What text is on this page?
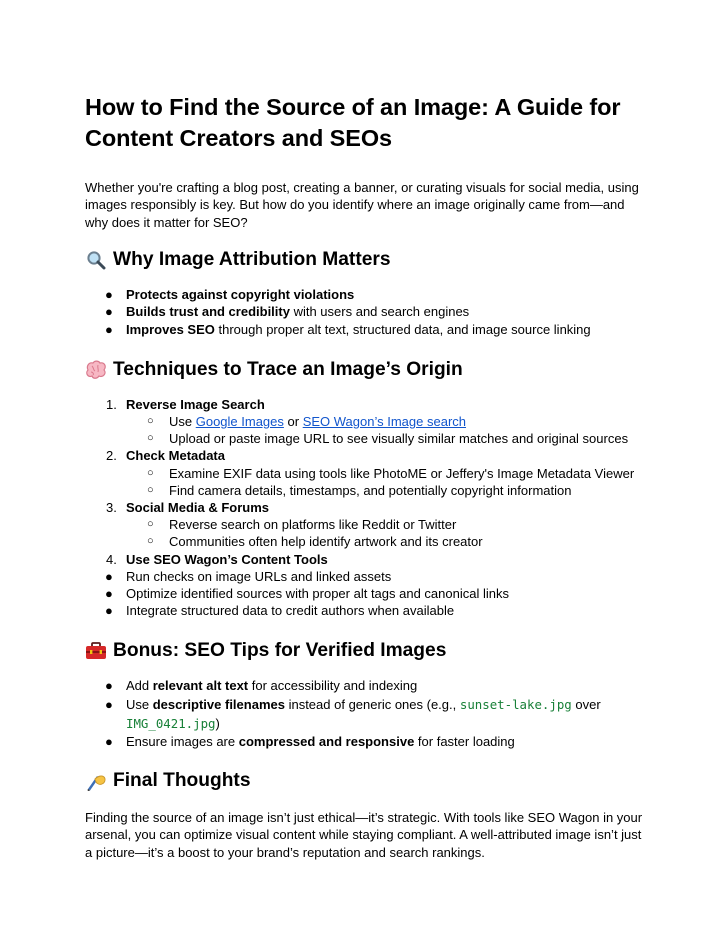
How to Find the Source of an Image: A Guide for Content Creators and SEOs

Whether you're crafting a blog post, creating a banner, or curating visuals for social media, using images responsibly is key. But how do you identify where an image originally came from—and why does it matter for SEO?

Why Image Attribution Matters
● Protects against copyright violations
● Builds trust and credibility with users and search engines
● Improves SEO through proper alt text, structured data, and image source linking
Techniques to Trace an Image’s Origin
1. Reverse Image Search
○ Use Google Images or SEO Wagon’s Image search
○ Upload or paste image URL to see visually similar matches and original sources
2. Check Metadata
○ Examine EXIF data using tools like PhotoME or Jeffery's Image Metadata Viewer
○ Find camera details, timestamps, and potentially copyright information
3. Social Media & Forums
○ Reverse search on platforms like Reddit or Twitter
○ Communities often help identify artwork and its creator
4. Use SEO Wagon’s Content Tools
● Run checks on image URLs and linked assets
● Optimize identified sources with proper alt tags and canonical links
● Integrate structured data to credit authors when available
Bonus: SEO Tips for Verified Images
● Add relevant alt text for accessibility and indexing
● Use descriptive filenames instead of generic ones (e.g., sunset-lake.jpg over IMG_0421.jpg)
● Ensure images are compressed and responsive for faster loading
Final Thoughts

Finding the source of an image isn’t just ethical—it’s strategic. With tools like SEO Wagon in your arsenal, you can optimize visual content while staying compliant. A well-attributed image isn’t just a picture—it’s a boost to your brand’s reputation and search rankings.
